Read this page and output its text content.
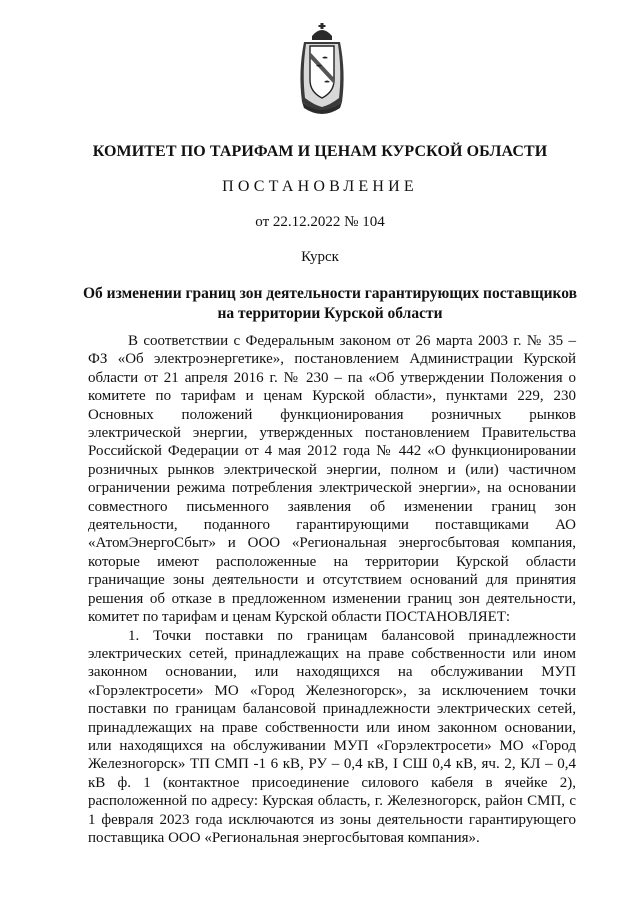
КОМИТЕТ ПО ТАРИФАМ И ЦЕНАМ КУРСКОЙ ОБЛАСТИ
ПОСТАНОВЛЕНИЕ
от 22.12.2022 № 104
Курск
Об изменении границ зон деятельности гарантирующих поставщиков на территории Курской области

В соответствии с Федеральным законом от 26 марта 2003 г. № 35 – ФЗ «Об электроэнергетике», постановлением Администрации Курской области от 21 апреля 2016 г. № 230 – па «Об утверждении Положения о комитете по тарифам и ценам Курской области», пунктами 229, 230 Основных положений функционирования розничных рынков электрической энергии, утвержденных постановлением Правительства Российской Федерации от 4 мая 2012 года № 442 «О функционировании розничных рынков электрической энергии, полном и (или) частичном ограничении режима потребления электрической энергии», на основании совместного письменного заявления об изменении границ зон деятельности, поданного гарантирующими поставщиками АО «АтомЭнергоСбыт» и ООО «Региональная энергосбытовая компания, которые имеют расположенные на территории Курской области граничащие зоны деятельности и отсутствием оснований для принятия решения об отказе в предложенном изменении границ зон деятельности, комитет по тарифам и ценам Курской области ПОСТАНОВЛЯЕТ:

1. Точки поставки по границам балансовой принадлежности электрических сетей, принадлежащих на праве собственности или ином законном основании, или находящихся на обслуживании МУП «Горэлектросети» МО «Город Железногорск», за исключением точки поставки по границам балансовой принадлежности электрических сетей, принадлежащих на праве собственности или ином законном основании, или находящихся на обслуживании МУП «Горэлектросети» МО «Город Железногорск» ТП СМП -1 6 кВ, РУ – 0,4 кВ, I СШ 0,4 кВ, яч. 2, КЛ – 0,4 кВ ф. 1 (контактное присоединение силового кабеля в ячейке 2), расположенной по адресу: Курская область, г. Железногорск, район СМП, с 1 февраля 2023 года исключаются из зоны деятельности гарантирующего поставщика ООО «Региональная энергосбытовая компания».
